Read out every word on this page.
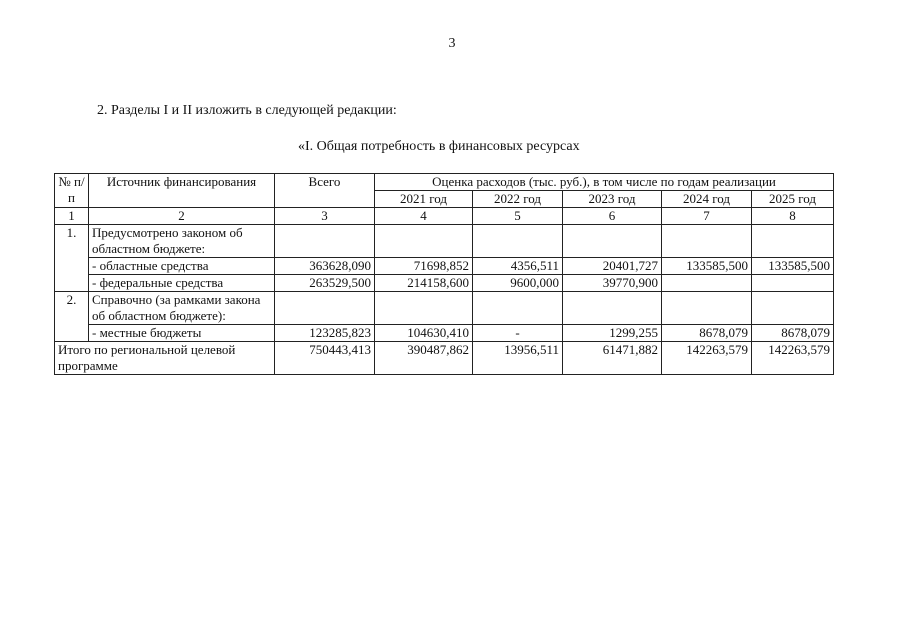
3
2. Разделы I и II изложить в следующей редакции:
«I. Общая потребность в финансовых ресурсах
№ п/п	Источник финансирования	Всего	Оценка расходов (тыс. руб.), в том числе по годам реализации				
			2021 год	2022 год	2023 год	2024 год	2025 год
1	2	3	4	5	6	7	8
1.	Предусмотрено законом об областном бюджете:						
	- областные средства	363628,090	71698,852	4356,511	20401,727	133585,500	133585,500
	- федеральные средства	263529,500	214158,600	9600,000	39770,900		
2.	Справочно (за рамками закона об областном бюджете):						
	- местные бюджеты	123285,823	104630,410	-	1299,255	8678,079	8678,079
Итого по региональной целевой программе		750443,413	390487,862	13956,511	61471,882	142263,579	142263,579
